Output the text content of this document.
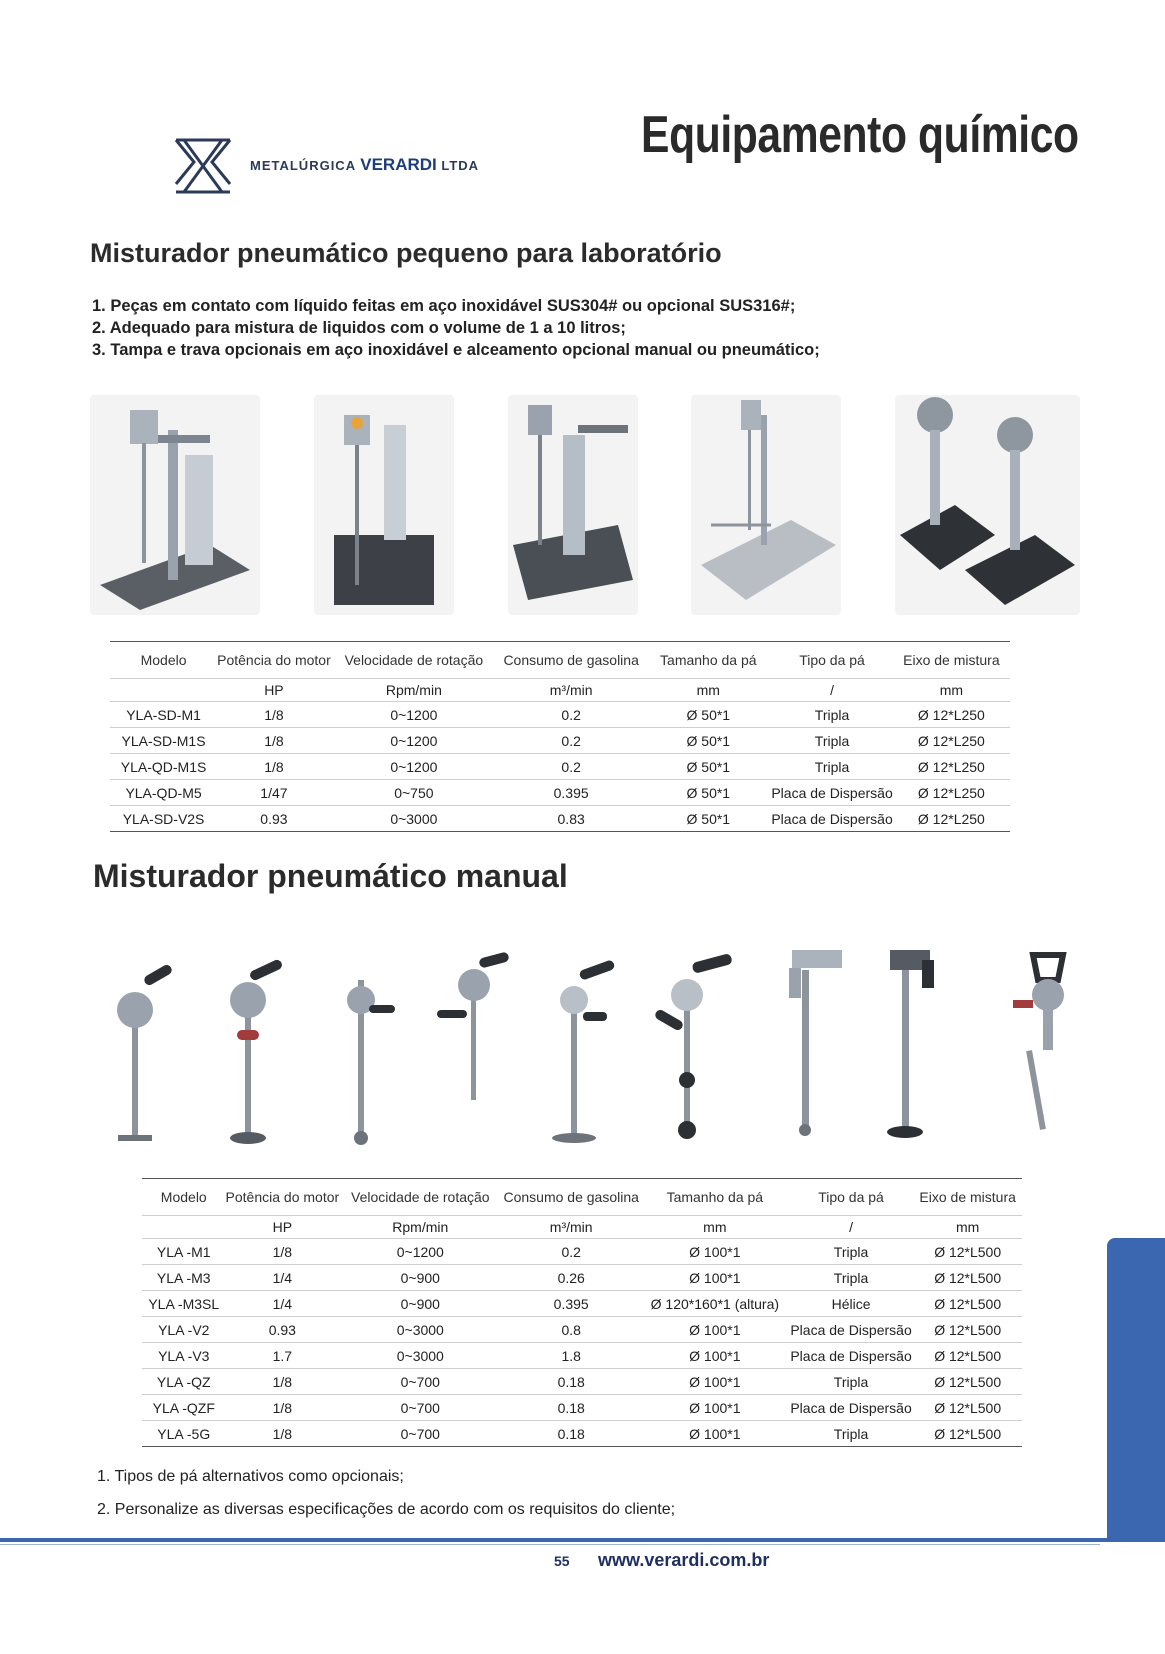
METALÚRGICA VERARDI LTDA
Equipamento químico
Misturador pneumático pequeno para laboratório
1. Peças em contato com líquido feitas em aço inoxidável SUS304# ou opcional SUS316#;
2. Adequado para mistura de liquidos com o volume de 1 a 10 litros;
3. Tampa e trava opcionais em aço inoxidável e alceamento opcional manual ou pneumático;
Modelo	Potência do motor	Velocidade de rotação	Consumo de gasolina	Tamanho da pá	Tipo da pá	Eixo de mistura
	HP	Rpm/min	m³/min	mm	/	mm
YLA-SD-M1	1/8	0~1200	0.2	Ø 50*1	Tripla	Ø 12*L250
YLA-SD-M1S	1/8	0~1200	0.2	Ø 50*1	Tripla	Ø 12*L250
YLA-QD-M1S	1/8	0~1200	0.2	Ø 50*1	Tripla	Ø 12*L250
YLA-QD-M5	1/47	0~750	0.395	Ø 50*1	Placa de Dispersão	Ø 12*L250
YLA-SD-V2S	0.93	0~3000	0.83	Ø 50*1	Placa de Dispersão	Ø 12*L250
Misturador pneumático manual
Modelo	Potência do motor	Velocidade de rotação	Consumo de gasolina	Tamanho da pá	Tipo da pá	Eixo de mistura
	HP	Rpm/min	m³/min	mm	/	mm
YLA -M1	1/8	0~1200	0.2	Ø 100*1	Tripla	Ø 12*L500
YLA -M3	1/4	0~900	0.26	Ø 100*1	Tripla	Ø 12*L500
YLA -M3SL	1/4	0~900	0.395	Ø 120*160*1 (altura)	Hélice	Ø 12*L500
YLA -V2	0.93	0~3000	0.8	Ø 100*1	Placa de Dispersão	Ø 12*L500
YLA -V3	1.7	0~3000	1.8	Ø 100*1	Placa de Dispersão	Ø 12*L500
YLA -QZ	1/8	0~700	0.18	Ø 100*1	Tripla	Ø 12*L500
YLA -QZF	1/8	0~700	0.18	Ø 100*1	Placa de Dispersão	Ø 12*L500
YLA -5G	1/8	0~700	0.18	Ø 100*1	Tripla	Ø 12*L500
1. Tipos de pá alternativos como opcionais;
2. Personalize as diversas especificações de acordo com os requisitos do cliente;
55 www.verardi.com.br
